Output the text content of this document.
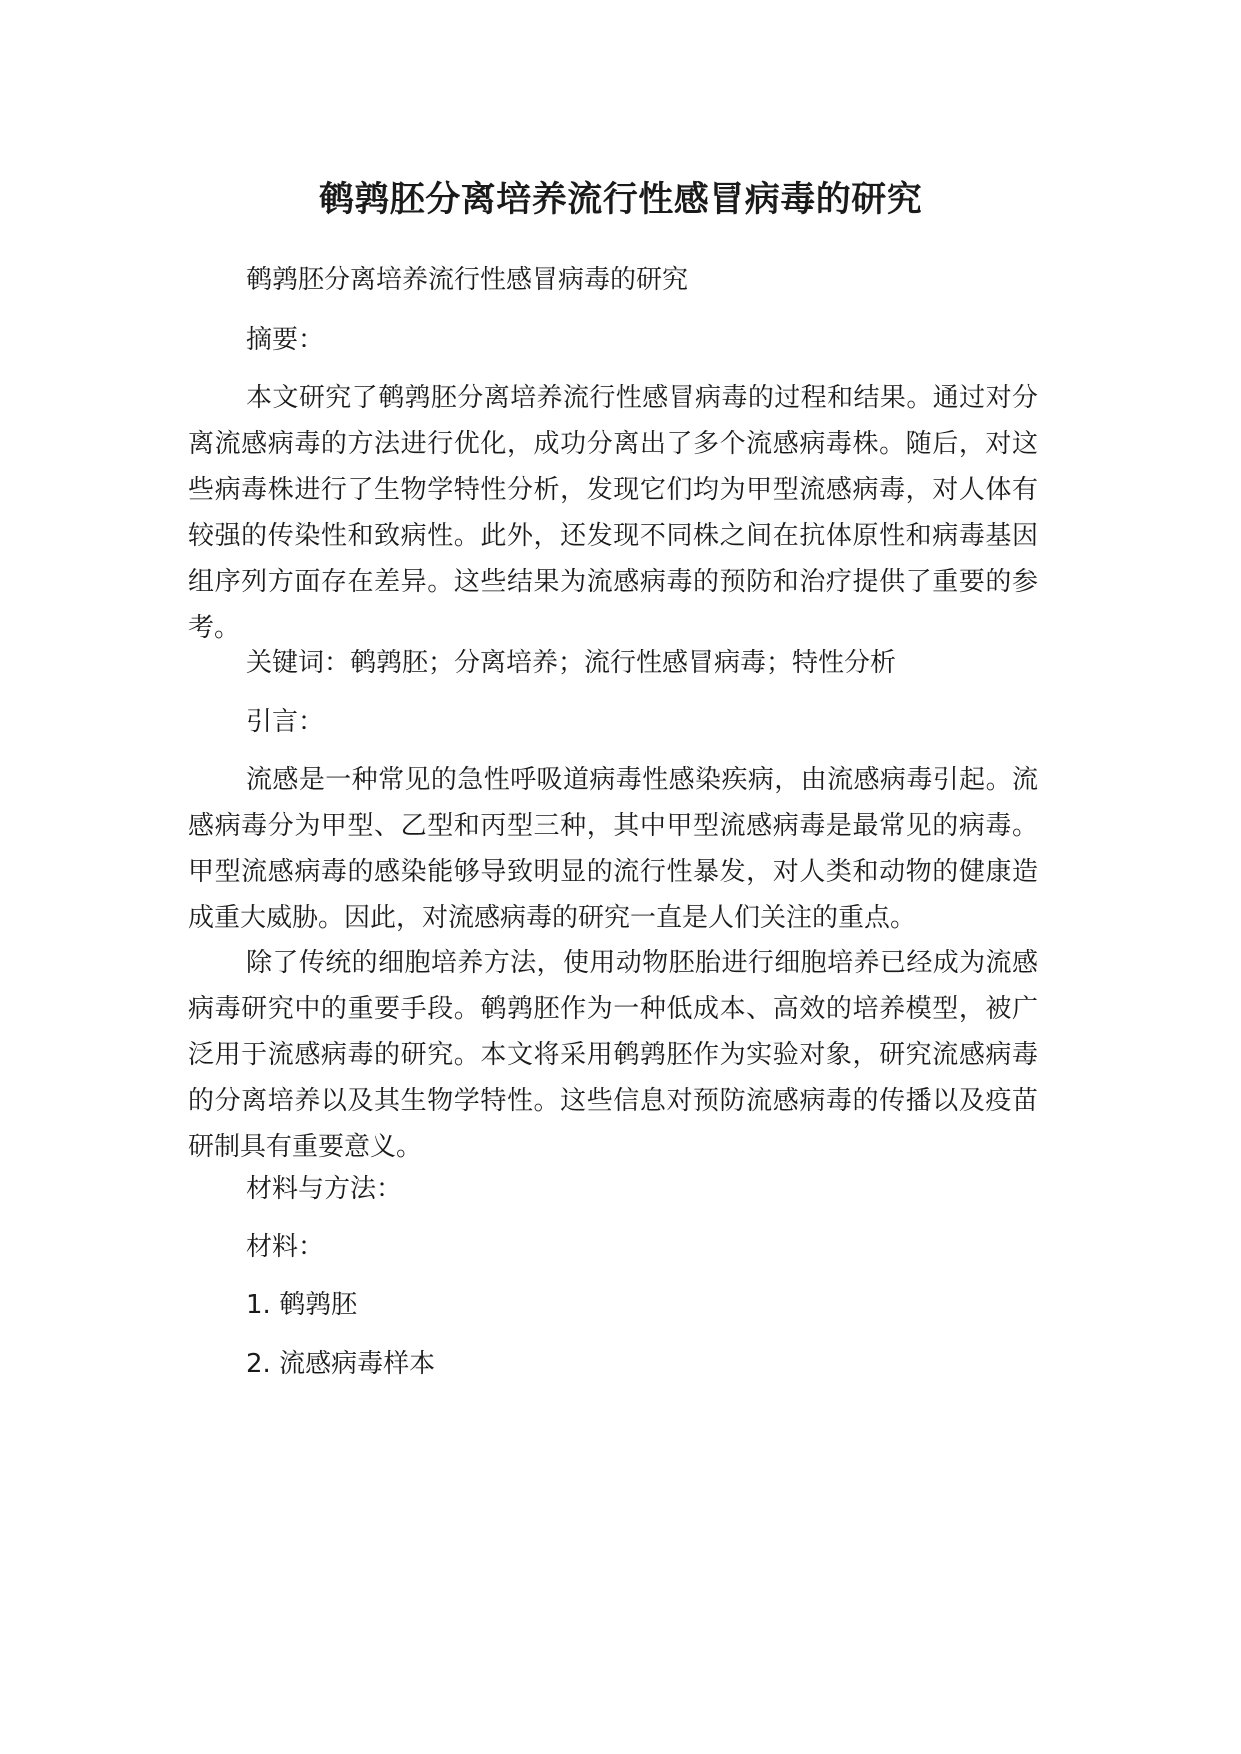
鹌鹑胚分离培养流行性感冒病毒的研究

鹌鹑胚分离培养流行性感冒病毒的研究

摘要：

本文研究了鹌鹑胚分离培养流行性感冒病毒的过程和结果。通过对分离流感病毒的方法进行优化，成功分离出了多个流感病毒株。随后，对这些病毒株进行了生物学特性分析，发现它们均为甲型流感病毒，对人体有较强的传染性和致病性。此外，还发现不同株之间在抗体原性和病毒基因组序列方面存在差异。这些结果为流感病毒的预防和治疗提供了重要的参考。

关键词：鹌鹑胚；分离培养；流行性感冒病毒；特性分析

引言：

流感是一种常见的急性呼吸道病毒性感染疾病，由流感病毒引起。流感病毒分为甲型、乙型和丙型三种，其中甲型流感病毒是最常见的病毒。甲型流感病毒的感染能够导致明显的流行性暴发，对人类和动物的健康造成重大威胁。因此，对流感病毒的研究一直是人们关注的重点。

除了传统的细胞培养方法，使用动物胚胎进行细胞培养已经成为流感病毒研究中的重要手段。鹌鹑胚作为一种低成本、高效的培养模型，被广泛用于流感病毒的研究。本文将采用鹌鹑胚作为实验对象，研究流感病毒的分离培养以及其生物学特性。这些信息对预防流感病毒的传播以及疫苗研制具有重要意义。

材料与方法：

材料：

1. 鹌鹑胚

2. 流感病毒样本
